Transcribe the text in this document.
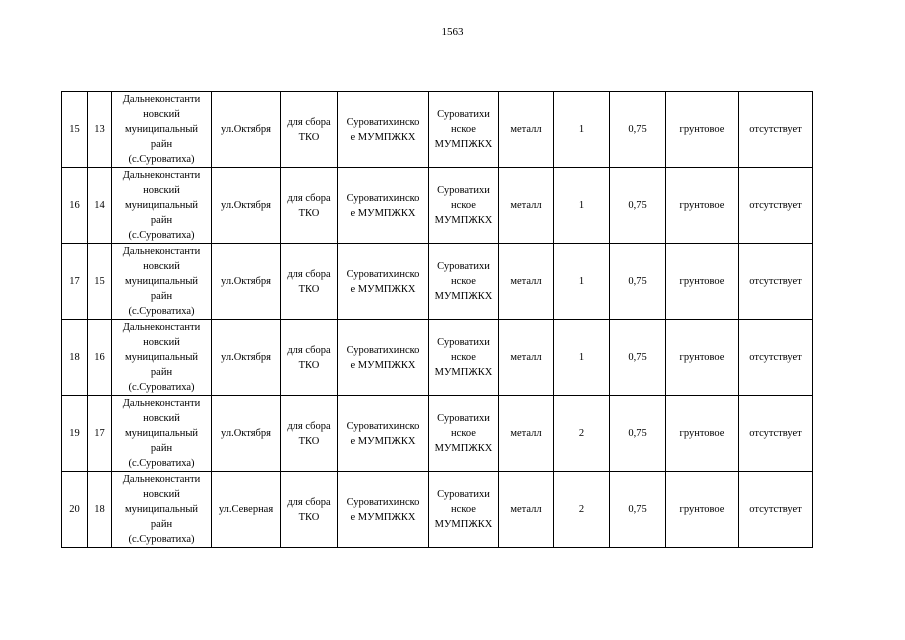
1563
15	13	Дальнеконстанти
новский
муниципальный
райн
(с.Суроватиха)	ул.Октября	для сбора
ТКО	Суроватихинско
е МУМПЖКХ	Суроватихи
нское
МУМПЖКХ	металл	1	0,75	грунтовое	отсутствует
16	14	Дальнеконстанти
новский
муниципальный
райн
(с.Суроватиха)	ул.Октября	для сбора
ТКО	Суроватихинско
е МУМПЖКХ	Суроватихи
нское
МУМПЖКХ	металл	1	0,75	грунтовое	отсутствует
17	15	Дальнеконстанти
новский
муниципальный
райн
(с.Суроватиха)	ул.Октября	для сбора
ТКО	Суроватихинско
е МУМПЖКХ	Суроватихи
нское
МУМПЖКХ	металл	1	0,75	грунтовое	отсутствует
18	16	Дальнеконстанти
новский
муниципальный
райн
(с.Суроватиха)	ул.Октября	для сбора
ТКО	Суроватихинско
е МУМПЖКХ	Суроватихи
нское
МУМПЖКХ	металл	1	0,75	грунтовое	отсутствует
19	17	Дальнеконстанти
новский
муниципальный
райн
(с.Суроватиха)	ул.Октября	для сбора
ТКО	Суроватихинско
е МУМПЖКХ	Суроватихи
нское
МУМПЖКХ	металл	2	0,75	грунтовое	отсутствует
20	18	Дальнеконстанти
новский
муниципальный
райн
(с.Суроватиха)	ул.Северная	для сбора
ТКО	Суроватихинско
е МУМПЖКХ	Суроватихи
нское
МУМПЖКХ	металл	2	0,75	грунтовое	отсутствует
